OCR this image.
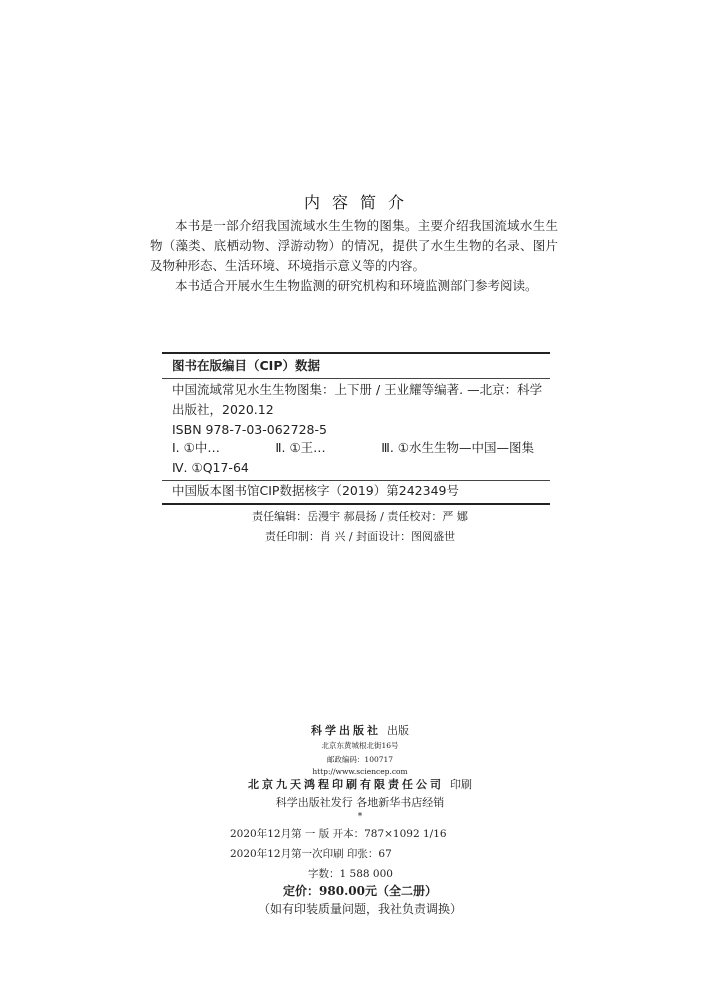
内容简介

本书是一部介绍我国流域水生生物的图集。主要介绍我国流域水生生物（藻类、底栖动物、浮游动物）的情况，提供了水生生物的名录、图片及物种形态、生活环境、环境指示意义等的内容。

本书适合开展水生生物监测的研究机构和环境监测部门参考阅读。

图书在版编目（CIP）数据
中国流域常见水生生物图集：上下册 / 王业耀等编著. —北京：科学
出版社，2020.12
ISBN 978-7-03-062728-5
Ⅰ. ①中…	Ⅱ. ①王…	Ⅲ. ①水生生物—中国—图集
Ⅳ. ①Q17-64
中国版本图书馆CIP数据核字（2019）第242349号
责任编辑：岳漫宇 郝晨扬 / 责任校对：严 娜
责任印制：肖 兴 / 封面设计：图阅盛世
科学出版社 出版
北京东黄城根北街16号
邮政编码：100717
http://www.sciencep.com
北京九天鸿程印刷有限责任公司 印刷
科学出版社发行 各地新华书店经销
*
2020年12月第 一 版 开本：787×1092 1/16
2020年12月第一次印刷 印张：67
字数：1 588 000
定价：980.00元（全二册）
（如有印装质量问题，我社负责调换）
